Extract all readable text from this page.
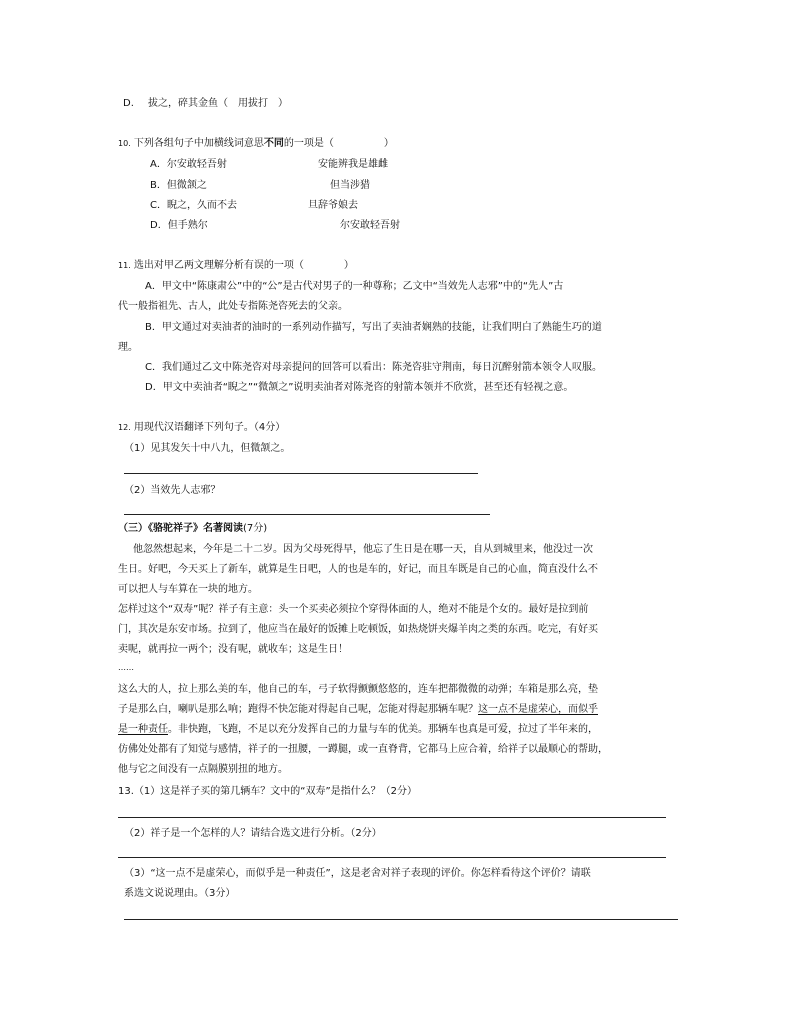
D. 拔之，碎其金鱼（　用拔打　）
10. 下列各组句子中加横线词意思不同的一项是（　　　　　）
A．尔安敢轻吾射	安能辨我是雄雌
B．但微颔之	但当涉猎
C．睨之，久而不去	旦辞爷娘去
D．但手熟尔	尔安敢轻吾射
11. 选出对甲乙两文理解分析有误的一项（　　　　）
A．甲文中“陈康肃公”中的“公”是古代对男子的一种尊称；乙文中“当效先人志邪”中的“先人”古
代一般指祖先、古人，此处专指陈尧咨死去的父亲。
B．甲文通过对卖油者的油时的一系列动作描写，写出了卖油者娴熟的技能，让我们明白了熟能生巧的道
理。
C．我们通过乙文中陈尧咨对母亲提问的回答可以看出：陈尧咨驻守荆南，每日沉醉射箭本领令人叹服。
D．甲文中卖油者“睨之”“微颔之”说明卖油者对陈尧咨的射箭本领并不欣赏，甚至还有轻视之意。
12. 用现代汉语翻译下列句子。（4分）
（1）见其发矢十中八九，但微颔之。
（2）当效先人志邪？
（三）《骆驼祥子》名著阅读(7分)
他忽然想起来，今年是二十二岁。因为父母死得早，他忘了生日是在哪一天，自从到城里来，他没过一次
生日。好吧，今天买上了新车，就算是生日吧，人的也是车的，好记，而且车既是自己的心血，简直没什么不
可以把人与车算在一块的地方。
怎样过这个“双寿”呢？祥子有主意：头一个买卖必须拉个穿得体面的人，绝对不能是个女的。最好是拉到前
门，其次是东安市场。拉到了，他应当在最好的饭摊上吃顿饭，如热烧饼夹爆羊肉之类的东西。吃完，有好买
卖呢，就再拉一两个；没有呢，就收车；这是生日！
……
这么大的人，拉上那么美的车，他自己的车，弓子软得颤颤悠悠的，连车把都微微的动弹；车箱是那么亮，垫
子是那么白，喇叭是那么响；跑得不快怎能对得起自己呢，怎能对得起那辆车呢？这一点不是虚荣心，而似乎
是一种责任。非快跑，飞跑，不足以充分发挥自己的力量与车的优美。那辆车也真是可爱，拉过了半年来的，
仿佛处处都有了知觉与感情，祥子的一扭腰，一蹲腿，或一直脊背，它都马上应合着，给祥子以最顺心的帮助，
他与它之间没有一点隔膜别扭的地方。
13.（1）这是祥子买的第几辆车？文中的“双寿”是指什么？（2分）
（2）祥子是一个怎样的人？请结合选文进行分析。（2分）
（3）“这一点不是虚荣心，而似乎是一种责任”，这是老舍对祥子表现的评价。你怎样看待这个评价？请联
系选文说说理由。（3分）
